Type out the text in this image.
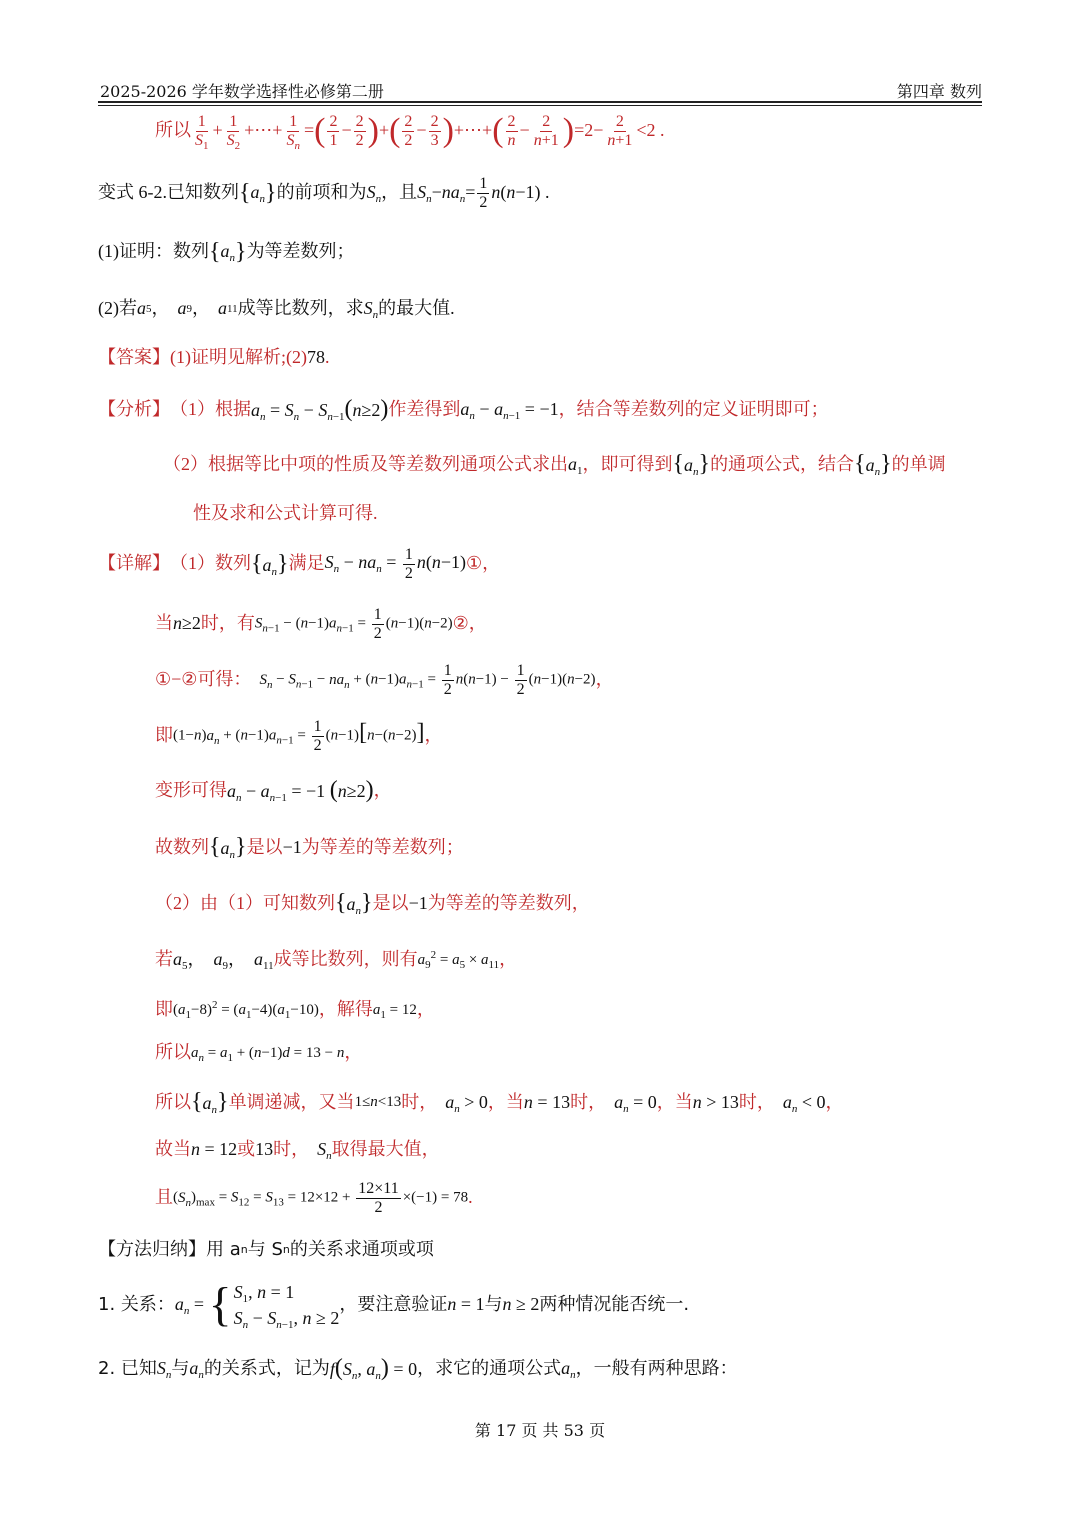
2025-2026 学年数学选择性必修第二册	第四章 数列
所以 $\frac{1}{S_1} + \frac{1}{S_2}$ +⋯+ $\frac{1}{S_n}$ = ( $\frac{2}{1} - \frac{2}{2}$ ) + ( $\frac{2}{2} - \frac{2}{3}$ ) +⋯+ ( $\frac{2}{n} - \frac{2}{n+1}$ ) $=2- \frac{2}{n+1} <2$ .
变式 6-2.已知数列 { $a_n$ } 的前项和为 $S_n$ ，且 $S_n - na_n = \frac{1}{2}$ n ( n −1) .
(1)证明：数列 { $a_n$ } 为等差数列；
(2)若 a 5 ， a 9 ， a 11 成等比数列，求 $S_n$ 的最大值.
【答案】 (1)证明见解析;(2) 78 .
【分析】 （1）根据 $a_n = S_n - S_{n-1}(n\ge 2)$ 作差得到 $a_n - a_{n-1} = -1$ ，结合等差数列的定义证明即可；
（2）根据等比中项的性质及等差数列通项公式求出 $a_1$ ，即可得到 $\{a_n\}$ 的通项公式，结合 $\{a_n\}$ 的单调
性及求和公式计算可得.
【详解】 （1）数列 $\{a_n\}$ 满足 $S_n - na_n = \frac{1}{2} n(n-1)$ ① ，
当 n≥2 时，有 $S_{n-1} - (n-1)a_{n-1} = \frac{1}{2} (n-1)(n-2)$ ② ，
① − ② 可得： $S_n - S_{n-1} - na_n + (n-1)a_{n-1} = \frac{1}{2} n(n-1) - \frac{1}{2} (n-1)(n-2)$ ，
即 $(1-n)a_n + (n-1)a_{n-1} = \frac{1}{2} (n-1)[n-(n-2)]$ ，
变形可得 $a_n - a_{n-1} = -1$ (n≥2) ，
故数列 $\{a_n\}$ 是以 −1 为等差的等差数列；
（2）由（1）可知数列 $\{a_n\}$ 是以 −1 为等差的等差数列，
若 $a_5$， $a_9$， $a_{11}$ 成等比数列，则有 $a_9^2 = a_5 \times a_{11}$ ，
即 $(a_1-8)^2 = (a_1-4)(a_1-10)$ ，解得 $a_1 = 12$ ，
所以 $a_n = a_1 + (n-1)d = 13 - n$ ，
所以 $\{a_n\}$ 单调递减，又当 1≤n<13 时， $a_n > 0$ ，当 n = 13 时， $a_n = 0$ ，当 n > 13 时， $a_n < 0$ ，
故当 n = 12 或 13 时， $S_n$ 取得最大值，
且 $(S_n)_{max} = S_{12} = S_{13} = 12\times 12 + \frac{12\times 11}{2} \times(-1) = 78$ .
【方法归纳】用 a n 与 S n 的关系求通项或项
1. 关系： $a_n$ = { $S_1$, n = 1
$S_n - S_{n-1}$, n ≥ 2
，要注意验证 n = 1 与 n ≥ 2 两种情况能否统一.
2. 已知 $S_n$ 与 $a_n$ 的关系式，记为 $f(S_n$, $a_n) = 0$ ，求它的通项公式 $a_n$ ，一般有两种思路：
第 17 页 共 53 页
